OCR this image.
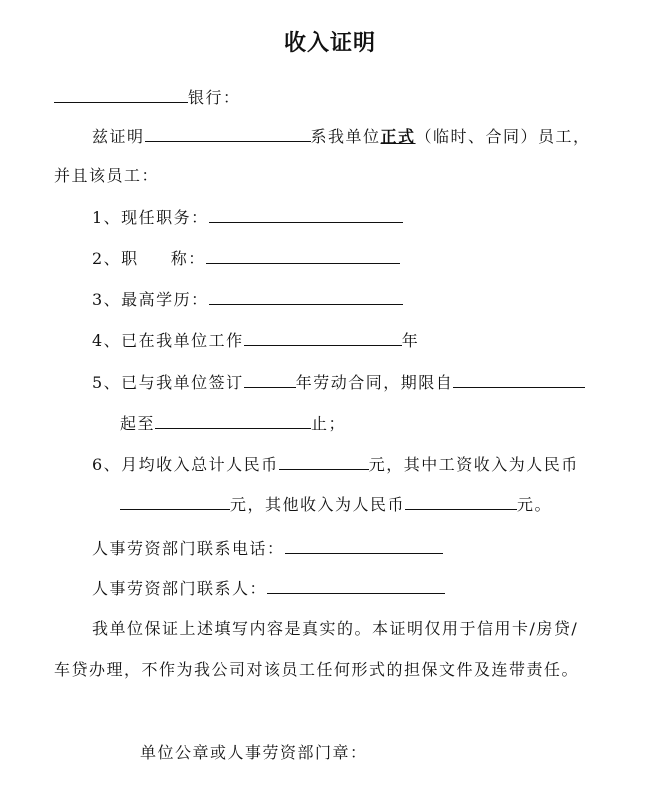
收入证明
银行：
兹证明	系我单位正式（临时、合同）员工，
并且该员工：
1、现任职务：
2、职 称：
3、最高学历：
4、已在我单位工作	年
5、已与我单位签订	年劳动合同，期限自
起至	止；
6、月均收入总计人民币	元，其中工资收入为人民币
元，其他收入为人民币	元。
人事劳资部门联系电话：
人事劳资部门联系人：
我单位保证上述填写内容是真实的。本证明仅用于信用卡/房贷/
车贷办理，不作为我公司对该员工任何形式的担保文件及连带责任。
单位公章或人事劳资部门章：
